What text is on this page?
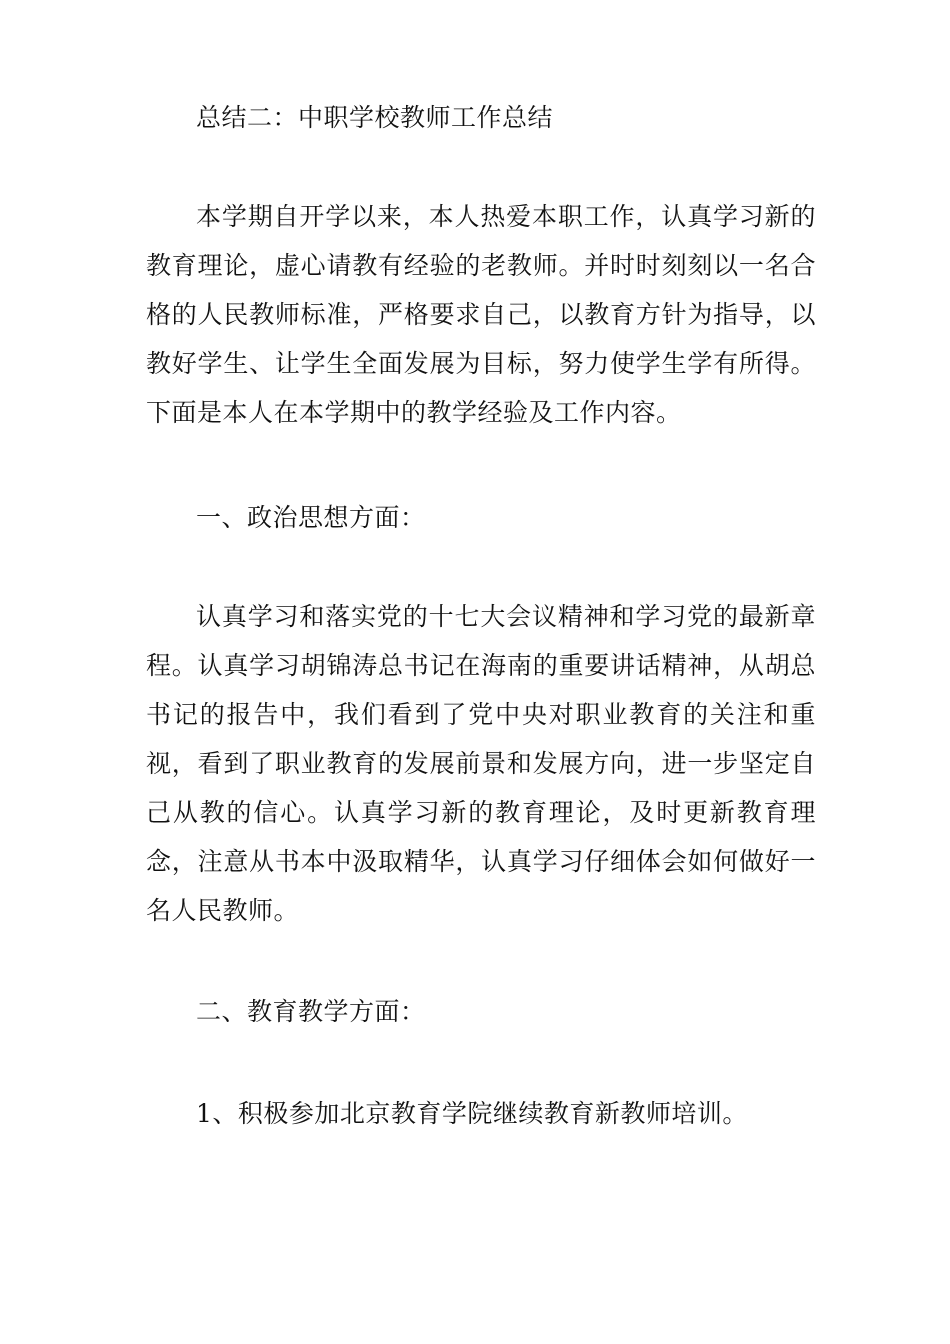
总结二：中职学校教师工作总结

本学期自开学以来，本人热爱本职工作，认真学习新的教育理论，虚心请教有经验的老教师。并时时刻刻以一名合格的人民教师标准，严格要求自己，以教育方针为指导，以教好学生、让学生全面发展为目标，努力使学生学有所得。下面是本人在本学期中的教学经验及工作内容。

一、政治思想方面：

认真学习和落实党的十七大会议精神和学习党的最新章程。认真学习胡锦涛总书记在海南的重要讲话精神，从胡总书记的报告中，我们看到了党中央对职业教育的关注和重视，看到了职业教育的发展前景和发展方向，进一步坚定自己从教的信心。认真学习新的教育理论，及时更新教育理念，注意从书本中汲取精华，认真学习仔细体会如何做好一名人民教师。

二、教育教学方面：

1、积极参加北京教育学院继续教育新教师培训。
